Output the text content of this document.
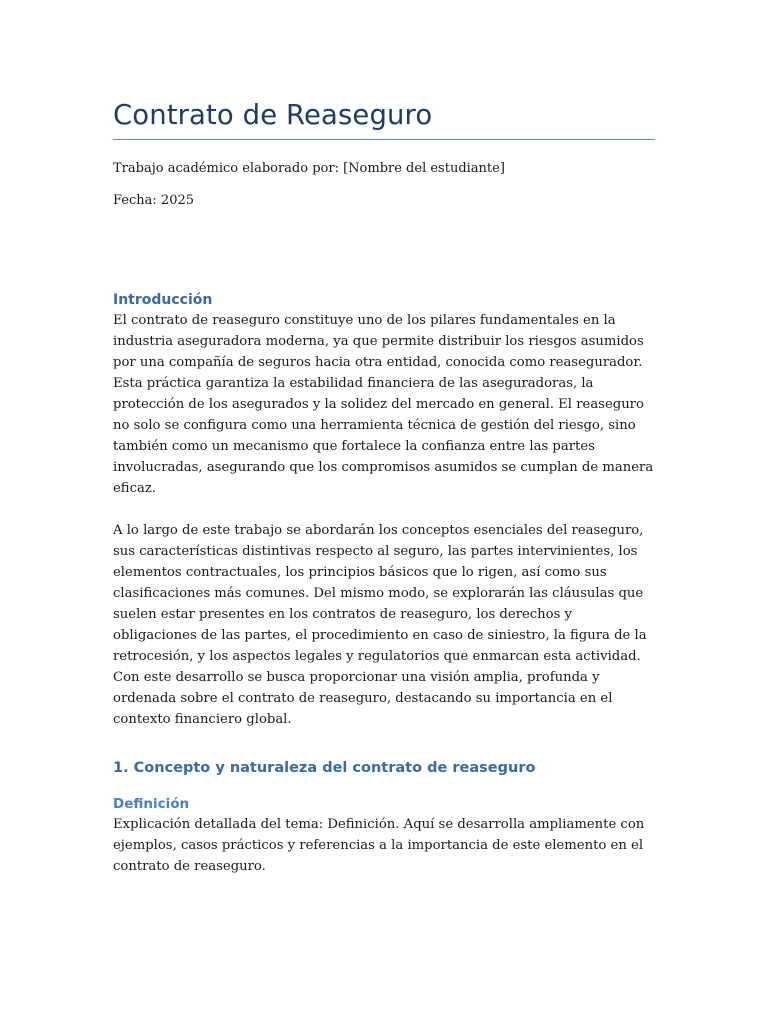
Contrato de Reaseguro

Trabajo académico elaborado por: [Nombre del estudiante]

Fecha: 2025

Introducción

El contrato de reaseguro constituye uno de los pilares fundamentales en la industria aseguradora moderna, ya que permite distribuir los riesgos asumidos por una compañía de seguros hacia otra entidad, conocida como reasegurador. Esta práctica garantiza la estabilidad financiera de las aseguradoras, la protección de los asegurados y la solidez del mercado en general. El reaseguro no solo se configura como una herramienta técnica de gestión del riesgo, sino también como un mecanismo que fortalece la confianza entre las partes involucradas, asegurando que los compromisos asumidos se cumplan de manera eficaz.

A lo largo de este trabajo se abordarán los conceptos esenciales del reaseguro, sus características distintivas respecto al seguro, las partes intervinientes, los elementos contractuales, los principios básicos que lo rigen, así como sus clasificaciones más comunes. Del mismo modo, se explorarán las cláusulas que suelen estar presentes en los contratos de reaseguro, los derechos y obligaciones de las partes, el procedimiento en caso de siniestro, la figura de la retrocesión, y los aspectos legales y regulatorios que enmarcan esta actividad. Con este desarrollo se busca proporcionar una visión amplia, profunda y ordenada sobre el contrato de reaseguro, destacando su importancia en el contexto financiero global.

1. Concepto y naturaleza del contrato de reaseguro
Definición

Explicación detallada del tema: Definición. Aquí se desarrolla ampliamente con ejemplos, casos prácticos y referencias a la importancia de este elemento en el contrato de reaseguro.
